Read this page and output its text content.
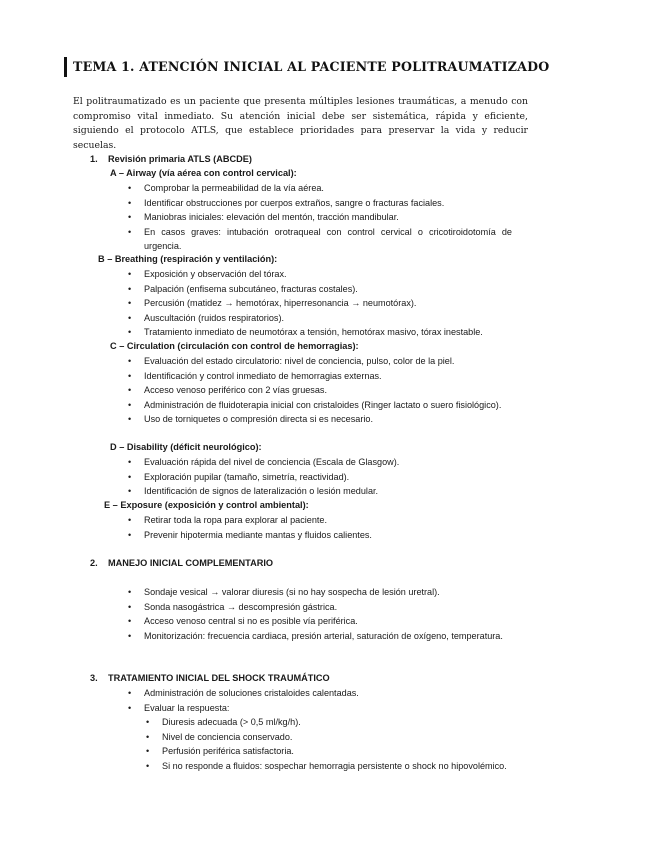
TEMA 1. ATENCIÓN INICIAL AL PACIENTE POLITRAUMATIZADO
El politraumatizado es un paciente que presenta múltiples lesiones traumáticas, a menudo con compromiso vital inmediato. Su atención inicial debe ser sistemática, rápida y eficiente, siguiendo el protocolo ATLS, que establece prioridades para preservar la vida y reducir secuelas.
1. Revisión primaria ATLS (ABCDE)
A – Airway (vía aérea con control cervical):
• Comprobar la permeabilidad de la vía aérea.
• Identificar obstrucciones por cuerpos extraños, sangre o fracturas faciales.
• Maniobras iniciales: elevación del mentón, tracción mandibular.
• En casos graves: intubación orotraqueal con control cervical o cricotiroidotomía de urgencia.
B – Breathing (respiración y ventilación):
• Exposición y observación del tórax.
• Palpación (enfisema subcutáneo, fracturas costales).
• Percusión (matidez → hemotórax, hiperresonancia → neumotórax).
• Auscultación (ruidos respiratorios).
• Tratamiento inmediato de neumotórax a tensión, hemotórax masivo, tórax inestable.
C – Circulation (circulación con control de hemorragias):
• Evaluación del estado circulatorio: nivel de conciencia, pulso, color de la piel.
• Identificación y control inmediato de hemorragias externas.
• Acceso venoso periférico con 2 vías gruesas.
• Administración de fluidoterapia inicial con cristaloides (Ringer lactato o suero fisiológico).
• Uso de torniquetes o compresión directa si es necesario.
D – Disability (déficit neurológico):
• Evaluación rápida del nivel de conciencia (Escala de Glasgow).
• Exploración pupilar (tamaño, simetría, reactividad).
• Identificación de signos de lateralización o lesión medular.
E – Exposure (exposición y control ambiental):
• Retirar toda la ropa para explorar al paciente.
• Prevenir hipotermia mediante mantas y fluidos calientes.
2. MANEJO INICIAL COMPLEMENTARIO
• Sondaje vesical → valorar diuresis (si no hay sospecha de lesión uretral).
• Sonda nasogástrica → descompresión gástrica.
• Acceso venoso central si no es posible vía periférica.
• Monitorización: frecuencia cardiaca, presión arterial, saturación de oxígeno, temperatura.
3. TRATAMIENTO INICIAL DEL SHOCK TRAUMÁTICO
• Administración de soluciones cristaloides calentadas.
• Evaluar la respuesta:
• Diuresis adecuada (> 0,5 ml/kg/h).
• Nivel de conciencia conservado.
• Perfusión periférica satisfactoria.
• Si no responde a fluidos: sospechar hemorragia persistente o shock no hipovolémico.
